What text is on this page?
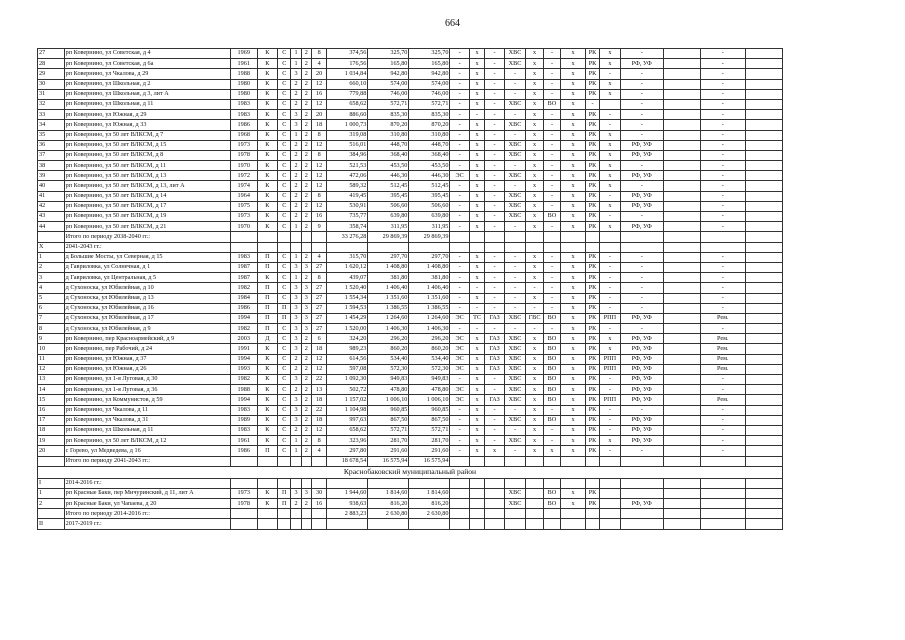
664
27	рп Ковернино, ул Советская, д 4	1969	К	С	1	2	8	374,56	325,70	325,70	-	х	-	ХВС	х	-	х	РК	х	-		-	
28	рп Ковернино, ул Советская, д 6а	1961	К	С	1	2	4	176,56	165,80	165,80	-	х	-	ХВС	х	-	х	РК	х	РФ, УФ		-	
29	рп Ковернино, ул Чкалова, д 29	1988	К	С	3	2	20	1 034,84	942,80	942,80	-	х	-	-	х	-	х	РК	-	-		-	
30	рп Ковернино, ул Школьная, д 2	1980	К	С	2	2	12	660,10	574,00	574,00	-	х	-	-	х	-	х	РК	х	-		-	
31	рп Ковернино, ул Школьная, д 3, лит А	1980	К	С	2	2	16	779,88	746,00	746,00	-	х	-	-	х	-	х	РК	х	-		-	
32	рп Ковернино, ул Школьная, д 11	1983	К	С	2	2	12	658,62	572,71	572,71	-	х	-	ХВС	х	ВО	х	-		-		-	
33	рп Ковернино, ул Южная, д 29	1983	К	С	3	2	20	886,60	835,30	835,30	-	-	-	-	х	-	х	РК	-	-		-	
34	рп Ковернино, ул Южная, д 33	1986	К	С	3	2	18	1 000,73	870,20	870,20	-	х	-	ХВС	х	-	х	РК	-	-		-	
35	рп Ковернино, ул 50 лет ВЛКСМ, д 7	1968	К	С	1	2	8	319,08	310,80	310,80	-	х	-	-	х	-	х	РК	х	-		-	
36	рп Ковернино, ул 50 лет ВЛКСМ, д 15	1973	К	С	2	2	12	516,01	448,70	448,70	-	х	-	ХВС	х	-	х	РК	х	РФ, УФ		-	
37	рп Ковернино, ул 50 лет ВЛКСМ, д 8	1978	К	С	2	2	8	384,96	368,40	368,40	-	х	-	ХВС	х	-	х	РК	х	РФ, УФ		-	
38	рп Ковернино, ул 50 лет ВЛКСМ, д 11	1970	К	С	2	2	12	521,53	453,50	453,50	-	х	-	-	х	-	х	РК	х	-		-	
39	рп Ковернино, ул 50 лет ВЛКСМ, д 13	1972	К	С	2	2	12	472,06	446,30	446,30	ЭС	х	-	ХВС	х	-	х	РК	х	РФ, УФ		-	
40	рп Ковернино, ул 50 лет ВЛКСМ, д 13, лит А	1974	К	С	2	2	12	589,32	512,45	512,45	-	х	-	-	х	-	х	РК	х	-		-	
41	рп Ковернино, ул 50 лет ВЛКСМ, д 14	1964	К	С	2	2	8	419,45	395,45	395,45	-	х	-	ХВС	х	-	х	РК	-	РФ, УФ		-	
42	рп Ковернино, ул 50 лет ВЛКСМ, д 17	1975	К	С	2	2	12	530,91	506,60	506,60	-	х	-	ХВС	х	-	х	РК	х	РФ, УФ		-	
43	рп Ковернино, ул 50 лет ВЛКСМ, д 19	1973	К	С	2	2	16	735,77	639,80	639,80	-	х	-	ХВС	х	ВО	х	РК	-	-		-	
44	рп Ковернино, ул 50 лет ВЛКСМ, д 21	1970	К	С	1	2	9	358,74	311,95	311,95	-	х	-	-	х	-	х	РК	х	РФ, УФ		-	
	Итого по периоду 2038-2040 гг.:							33 276,28	29 869,39	29 869,39													
X	2041-2043 гг.:																						
1	д Большие Мосты, ул Северная, д 15	1983	П	С	1	2	4	315,70	297,70	297,70	-	х	-	-	х	-	х	РК	-	-		-	
2	д Гавриловка, ул Солнечная, д 1	1987	П	С	3	3	27	1 620,12	1 408,80	1 408,80	-	х	-	-	х	-	х	РК	-	-		-	
3	д Гавриловка, ул Центральная, д 5	1987	К	С	1	2	8	439,07	381,80	381,80	-	х	-	-	х	-	х	РК	-	-		-	
4	д Сухоноска, ул Юбилейная, д 10	1982	П	С	3	3	27	1 520,40	1 406,40	1 406,40	-	-	-	-	-	-	х	РК	-	-		-	
5	д Сухоноска, ул Юбилейная, д 13	1984	П	С	3	3	27	1 554,34	1 351,60	1 351,60	-	х	-	-	х	-	х	РК	-	-		-	
6	д Сухоноска, ул Юбилейная, д 16	1986	П	П	3	3	27	1 594,53	1 386,55	1 386,55	-	-	-	-	-	-	х	РК	-	-		-	
7	д Сухоноска, ул Юбилейная, д 17	1994	П	П	3	3	27	1 454,29	1 264,60	1 264,60	ЭС	ТС	ГАЗ	ХВС	ГВС	ВО	х	РК	РПП	РФ, УФ		Рем.	
8	д Сухоноска, ул Юбилейная, д 9	1982	П	С	3	3	27	1 520,00	1 406,30	1 406,30	-	-	-	-	-	-	х	РК	-	-		-	
9	рп Ковернино, пер Красноармейский, д 9	2003	Д	С	3	2	6	324,20	296,20	296,20	ЭС	х	ГАЗ	ХВС	х	ВО	х	РК	х	РФ, УФ		Рем.	
10	рп Ковернино, пер Рабочий, д 24	1991	К	С	3	2	18	989,23	860,20	860,20	ЭС	х	ГАЗ	ХВС	х	ВО	х	РК	х	РФ, УФ		Рем.	
11	рп Ковернино, ул Южная, д 37	1994	К	С	2	2	12	614,56	534,40	534,40	ЭС	х	ГАЗ	ХВС	х	ВО	х	РК	РПП	РФ, УФ		Рем.	
12	рп Ковернино, ул Южная, д 26	1993	К	С	2	2	12	597,08	572,30	572,30	ЭС	х	ГАЗ	ХВС	х	ВО	х	РК	РПП	РФ, УФ		Рем.	
13	рп Ковернино, ул 1-я Луговая, д 30	1982	К	С	3	2	22	1 092,30	949,83	949,83	-	х	-	ХВС	х	ВО	х	РК	-	РФ, УФ		-	
14	рп Ковернино, ул 1-я Луговая, д 36	1988	К	С	2	2	13	502,72	478,80	478,80	ЭС	х	-	ХВС	х	ВО	х	РК	-	РФ, УФ		-	
15	рп Ковернино, ул Коммунистов, д 59	1994	К	С	3	2	18	1 157,02	1 006,10	1 006,10	ЭС	х	ГАЗ	ХВС	х	ВО	х	РК	РПП	РФ, УФ		Рем.	
16	рп Ковернино, ул Чкалова, д 11	1983	К	С	3	2	22	1 104,98	960,85	960,85	-	х	-	-	х	-	х	РК	-	-		-	
17	рп Ковернино, ул Чкалова, д 31	1989	К	С	3	2	18	997,63	867,50	867,50	-	х	-	ХВС	х	ВО	х	РК	-	РФ, УФ		-	
18	рп Ковернино, ул Школьная, д 11	1983	К	С	2	2	12	658,62	572,71	572,71	-	х	-	-	х	-	х	РК	-	РФ, УФ		-	
19	рп Ковернино, ул 50 лет ВЛКСМ, д 12	1961	К	С	1	2	8	323,96	281,70	281,70	-	х	-	ХВС	х	-	х	РК	х	РФ, УФ		-	
20	с Горево, ул Медведева, д 16	1986	П	С	1	2	4	297,80	291,60	291,60	-	х	х	-	х	х	х	РК	-	-		-	
	Итого по периоду 2041-2043 гг.:							18 678,54	16 575,94	16 575,94													
Краснобаковский муниципальный район																							
I	2014-2016 гг.:																						
1	рп Красные Баки, пер Мичуринский, д 11, лит А	1973	К	П	3	3	30	1 944,60	1 814,60	1 814,60				ХВС		ВО	х	РК					
2	рп Красные Баки, ул Чапаева, д 20	1978	К	П	2	2	16	938,63	816,20	816,20				ХВС		ВО	х	РК		РФ, УФ			
	Итого по периоду 2014-2016 гг.:							2 883,23	2 630,80	2 630,80													
II	2017-2019 гг.:																						
